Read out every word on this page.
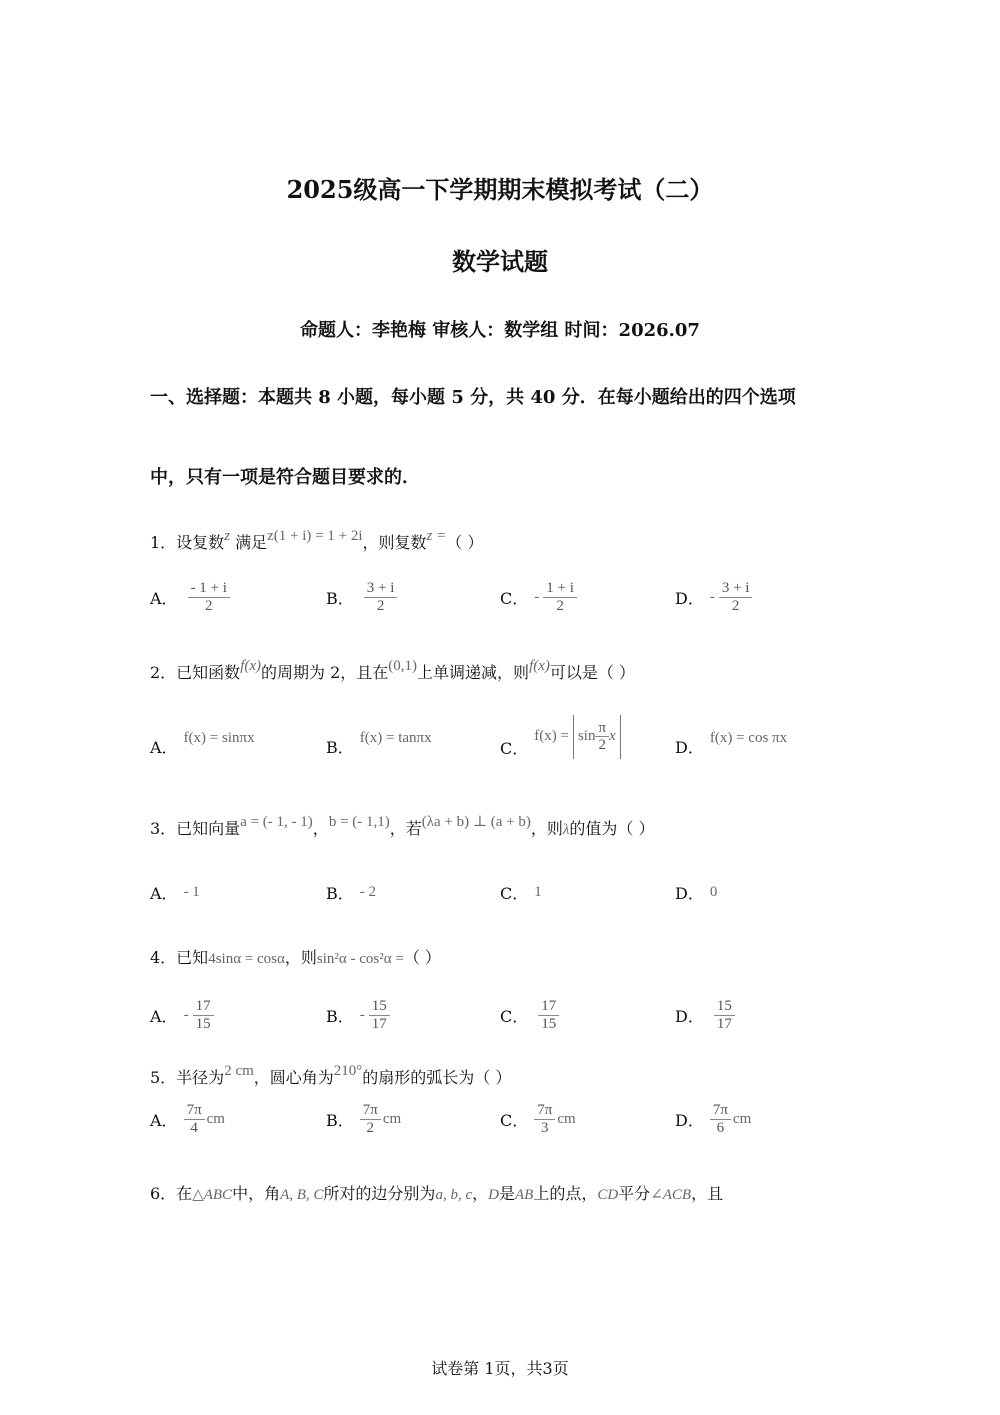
2025级高一下学期期末模拟考试（二）
数学试题
命题人：李艳梅 审核人：数学组 时间：2026.07
一、选择题：本题共 8 小题，每小题 5 分，共 40 分．在每小题给出的四个选项
中，只有一项是符合题目要求的．
1．设复数z 满足z(1 + i) = 1 + 2i，则复数z =（ ）
A． $\frac{- 1 + i}{2}$	B． $\frac{3 + i}{2}$	C． - $\frac{1 + i}{2}$	D． - $\frac{3 + i}{2}$
2．已知函数f(x)的周期为 2，且在(0,1)上单调递减，则f(x)可以是（ ）
A． f(x) = sinπx	B． f(x) = tanπx
C．
$f(x) = \sin \frac{\pi}{2}$ x
D． f(x) = cos πx
3．已知向量a = (- 1, - 1)，b = (- 1,1)，若(λa + b) ⊥ (a + b)，则λ的值为（ ）
A． - 1	B． - 2	C． 1	D． 0
4．已知4sinα = cosα，则sin²α - cos²α =（ ）
A． - $\frac{17}{15}$	B． - $\frac{15}{17}$	C． $\frac{17}{15}$	D． $\frac{15}{17}$
5．半径为2 cm，圆心角为210°的扇形的弧长为（ ）
A． $\frac{7\pi}{4}$ cm	B． $\frac{7\pi}{2}$ cm	C． $\frac{7\pi}{3}$ cm	D． $\frac{7\pi}{6}$ cm
6．在△ABC中，角A, B, C所对的边分别为a, b, c，D是AB上的点，CD平分∠ACB，且
试卷第 1页，共3页
